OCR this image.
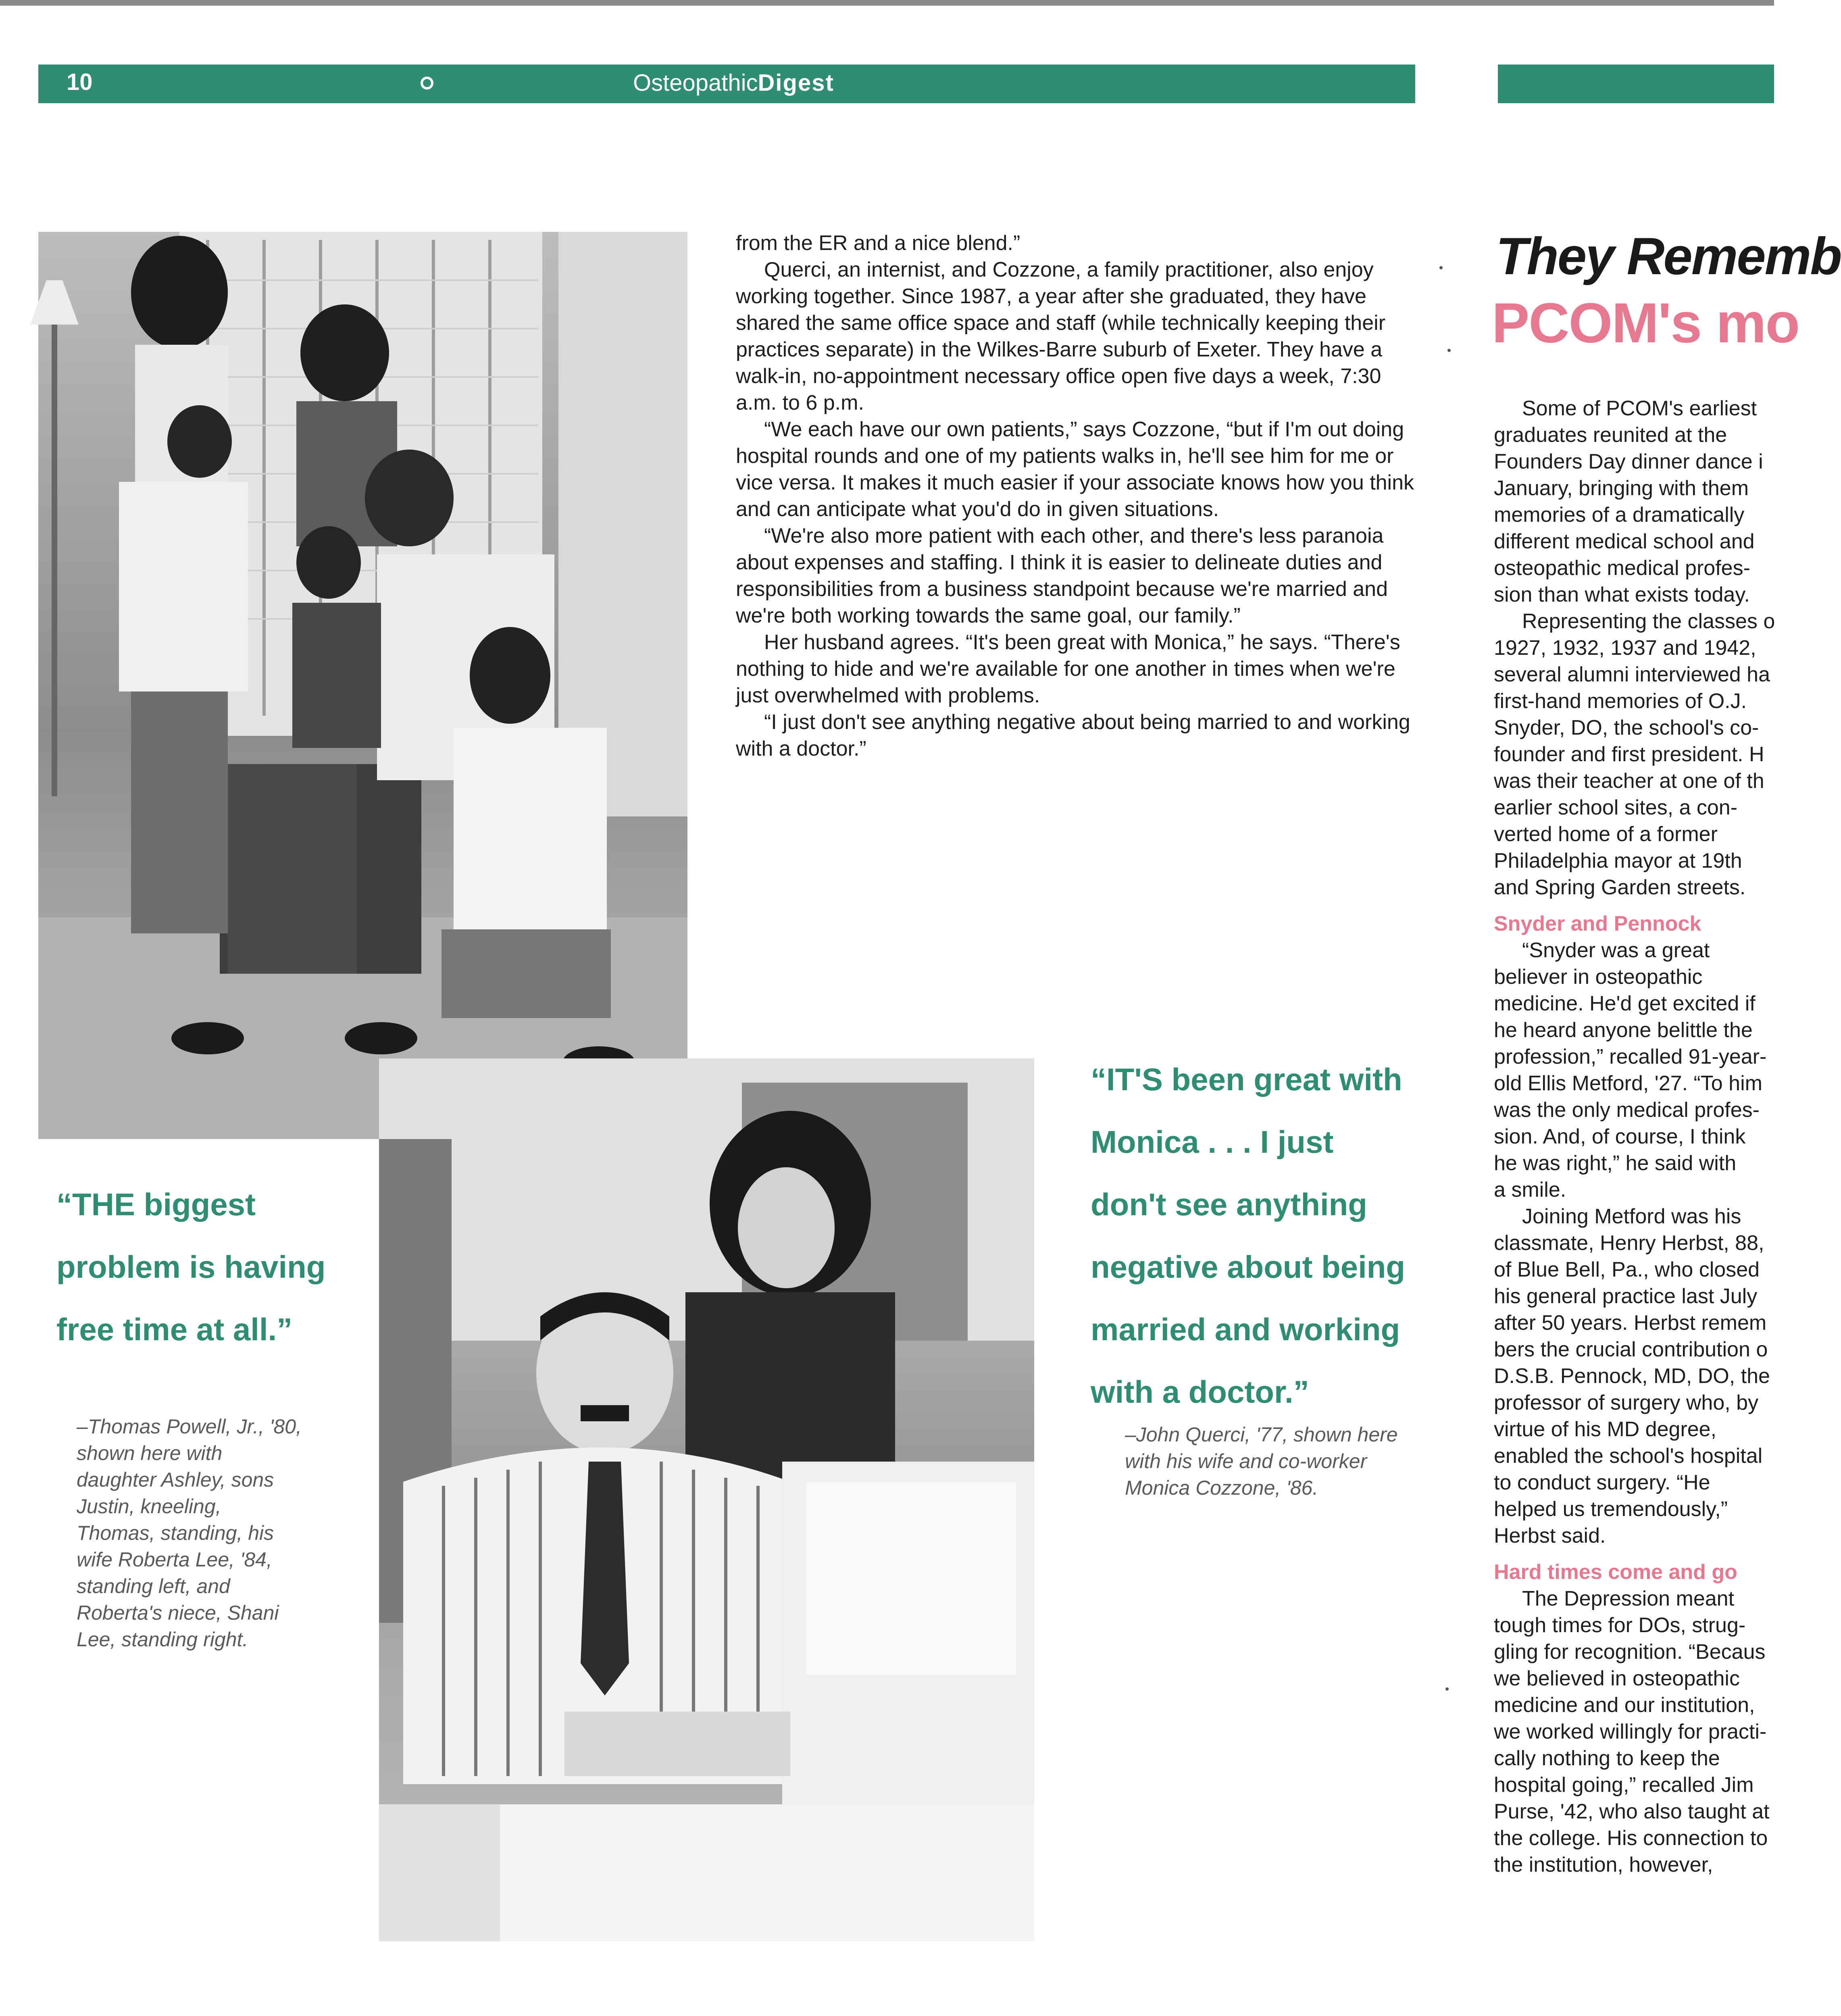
10	OsteopathicDigest

from the ER and a nice blend.”

Querci, an internist, and Cozzone, a family practitioner, also enjoy working together. Since 1987, a year after she graduated, they have shared the same office space and staff (while technically keeping their practices separate) in the Wilkes-Barre suburb of Exeter. They have a walk-in, no-appointment necessary office open five days a week, 7:30 a.m. to 6 p.m.

“We each have our own patients,” says Cozzone, “but if I'm out doing hospital rounds and one of my patients walks in, he'll see him for me or vice versa. It makes it much easier if your associate knows how you think and can anticipate what you'd do in given situations.

“We're also more patient with each other, and there's less paranoia about expenses and staffing. I think it is easier to delineate duties and responsibilities from a business standpoint because we're married and we're both working towards the same goal, our family.”

Her husband agrees. “It's been great with Monica,” he says. “There's nothing to hide and we're available for one another in times when we're just overwhelmed with problems.

“I just don't see anything negative about being married to and working with a doctor.”

“THE biggest problem is having free time at all.”
–Thomas Powell, Jr., '80, shown here with daughter Ashley, sons Justin, kneeling, Thomas, standing, his wife Roberta Lee, '84, standing left, and Roberta's niece, Shani Lee, standing right.
“IT'S been great with Monica . . . I just don't see anything negative about being married and working with a doctor.”
–John Querci, '77, shown here with his wife and co-worker Monica Cozzone, '86.
They Rememb
PCOM's mo

Some of PCOM's earliest

graduates reunited at the

Founders Day dinner dance i

January, bringing with them

memories of a dramatically

different medical school and

osteopathic medical profes-

sion than what exists today.

Representing the classes o

1927, 1932, 1937 and 1942,

several alumni interviewed ha

first-hand memories of O.J.

Snyder, DO, the school's co-

founder and first president. H

was their teacher at one of th

earlier school sites, a con-

verted home of a former

Philadelphia mayor at 19th

and Spring Garden streets.

Snyder and Pennock

“Snyder was a great

believer in osteopathic

medicine. He'd get excited if

he heard anyone belittle the

profession,” recalled 91-year-

old Ellis Metford, '27. “To him

was the only medical profes-

sion. And, of course, I think

he was right,” he said with

a smile.

Joining Metford was his

classmate, Henry Herbst, 88,

of Blue Bell, Pa., who closed

his general practice last July

after 50 years. Herbst remem

bers the crucial contribution o

D.S.B. Pennock, MD, DO, the

professor of surgery who, by

virtue of his MD degree,

enabled the school's hospital

to conduct surgery. “He

helped us tremendously,”

Herbst said.

Hard times come and go

The Depression meant

tough times for DOs, strug-

gling for recognition. “Becaus

we believed in osteopathic

medicine and our institution,

we worked willingly for practi-

cally nothing to keep the

hospital going,” recalled Jim

Purse, '42, who also taught at

the college. His connection to

the institution, however,
